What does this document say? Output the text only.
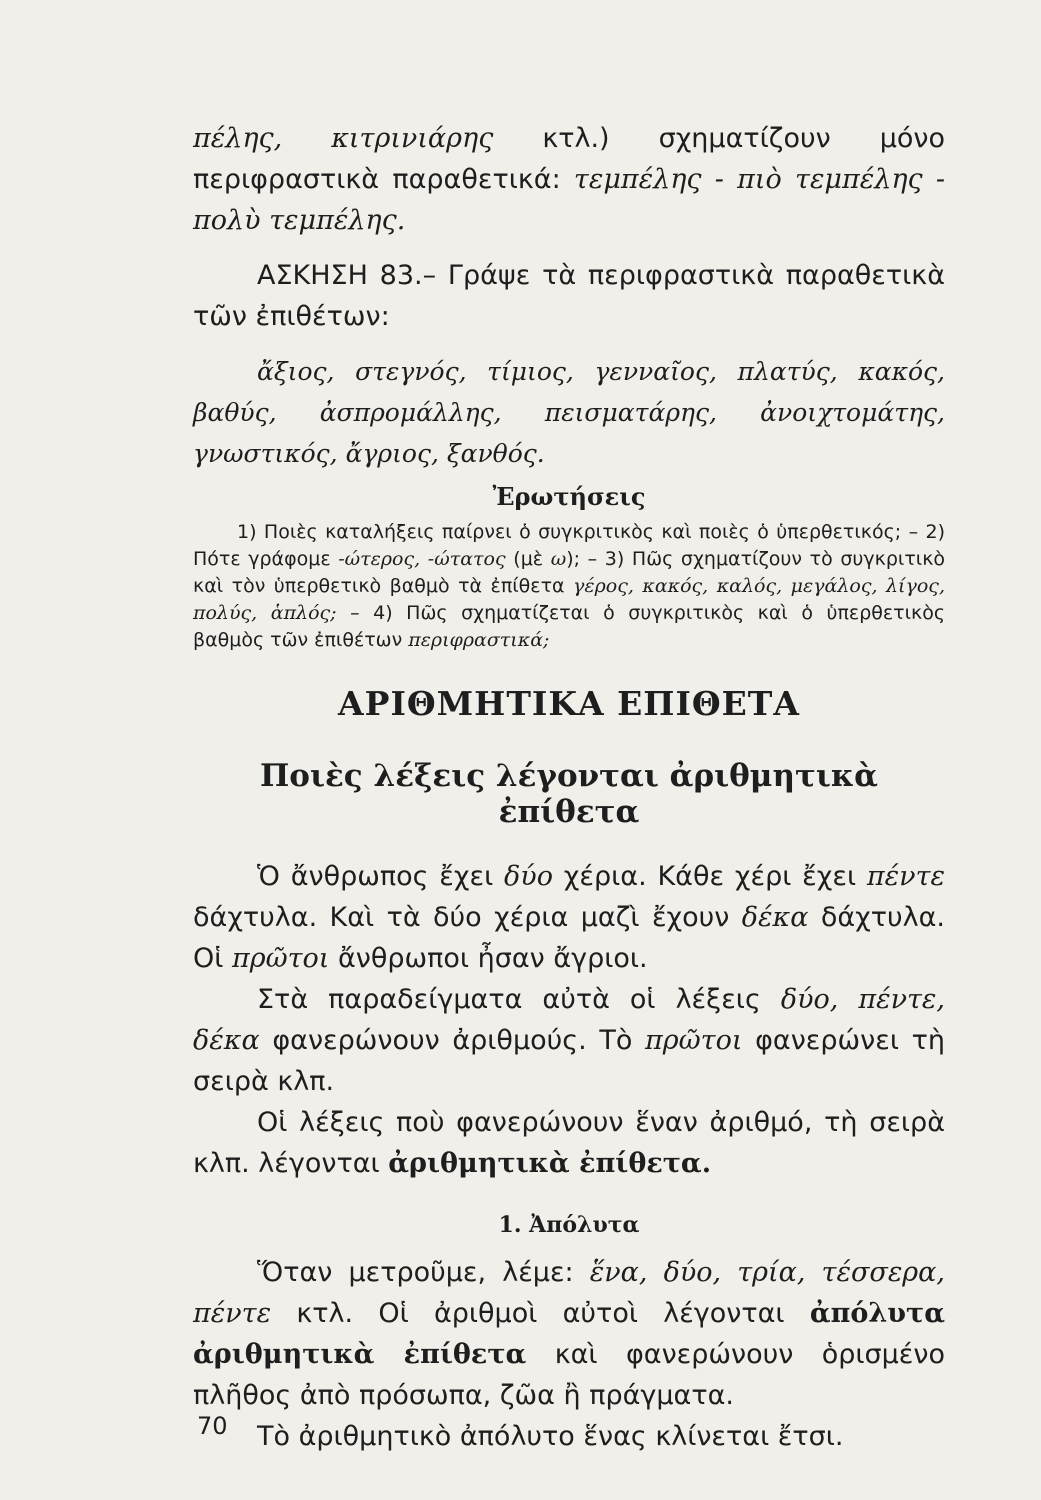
πέλης, κιτρινιάρης κτλ.) σχηματίζουν μόνο περιφραστικὰ παραθετικά: τεμπέλης - πιὸ τεμπέλης - πολὺ τεμπέλης.

ΑΣΚΗΣΗ 83.– Γράψε τὰ περιφραστικὰ παραθετικὰ τῶν ἐπιθέτων:

ἄξιος, στεγνός, τίμιος, γενναῖος, πλατύς, κακός, βαθύς, ἀσπρομάλλης, πεισματάρης, ἀνοιχτομάτης, γνωστικός, ἄγριος, ξανθός.

Ἐρωτήσεις

1) Ποιὲς καταλήξεις παίρνει ὁ συγκριτικὸς καὶ ποιὲς ὁ ὑπερθετικός; – 2) Πότε γράφομε -ώτερος, -ώτατος (μὲ ω); – 3) Πῶς σχηματίζουν τὸ συγκριτικὸ καὶ τὸν ὑπερθετικὸ βαθμὸ τὰ ἐπίθετα γέρος, κακός, καλός, μεγάλος, λίγος, πολύς, ἁπλός; – 4) Πῶς σχηματίζεται ὁ συγκριτικὸς καὶ ὁ ὑπερθετικὸς βαθμὸς τῶν ἐπιθέτων περιφραστικά;

ΑΡΙΘΜΗΤΙΚΑ ΕΠΙΘΕΤΑ
Ποιὲς λέξεις λέγονται ἀριθμητικὰ ἐπίθετα

Ὁ ἄνθρωπος ἔχει δύο χέρια. Κάθε χέρι ἔχει πέντε δάχτυλα. Καὶ τὰ δύο χέρια μαζὶ ἔχουν δέκα δάχτυλα. Οἱ πρῶτοι ἄνθρωποι ἦσαν ἄγριοι.

Στὰ παραδείγματα αὐτὰ οἱ λέξεις δύο, πέντε, δέκα φανερώνουν ἀριθμούς. Τὸ πρῶτοι φανερώνει τὴ σειρὰ κλπ.

Οἱ λέξεις ποὺ φανερώνουν ἕναν ἀριθμό, τὴ σειρὰ κλπ. λέγονται ἀριθμητικὰ ἐπίθετα.

1. Ἀπόλυτα

Ὅταν μετροῦμε, λέμε: ἕνα, δύο, τρία, τέσσερα, πέντε κτλ. Οἱ ἀριθμοὶ αὐτοὶ λέγονται ἀπόλυτα ἀριθμητικὰ ἐπίθετα καὶ φανερώνουν ὁρισμένο πλῆθος ἀπὸ πρόσωπα, ζῶα ἢ πράγματα.

Τὸ ἀριθμητικὸ ἀπόλυτο ἕνας κλίνεται ἔτσι.

70
